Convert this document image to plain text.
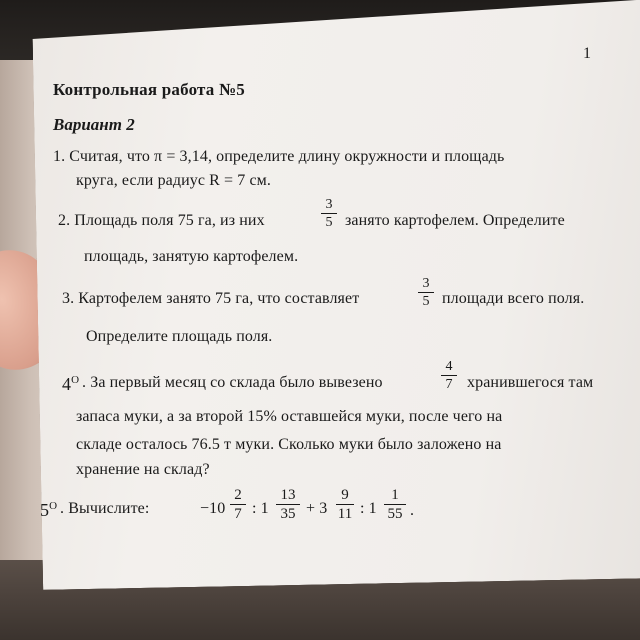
1
Контрольная работа №5
Вариант 2
1. Считая, что π = 3,14, определите длину окружности и площадь
круга, если радиус R = 7 см.
2. Площадь поля 75 га, из них	$\frac{3}{5}$ занято картофелем. Определите
площадь, занятую картофелем.
3. Картофелем занято 75 га, что составляет	$\frac{3}{5}$ площади всего поля.
Определите площадь поля.
$4^О$ . За первый месяц со склада было вывезено	$\frac{4}{7}$ хранившегося там
запаса муки, а за второй 15% оставшейся муки, после чего на
складе осталось 76.5 т муки. Сколько муки было заложено на
хранение на склад?
$5^О$ . Вычислите:	$-10 \frac{2}{7}$ : $1 \frac{13}{35} + 3 \frac{9}{11}$ : $1 \frac{1}{55}$ .
